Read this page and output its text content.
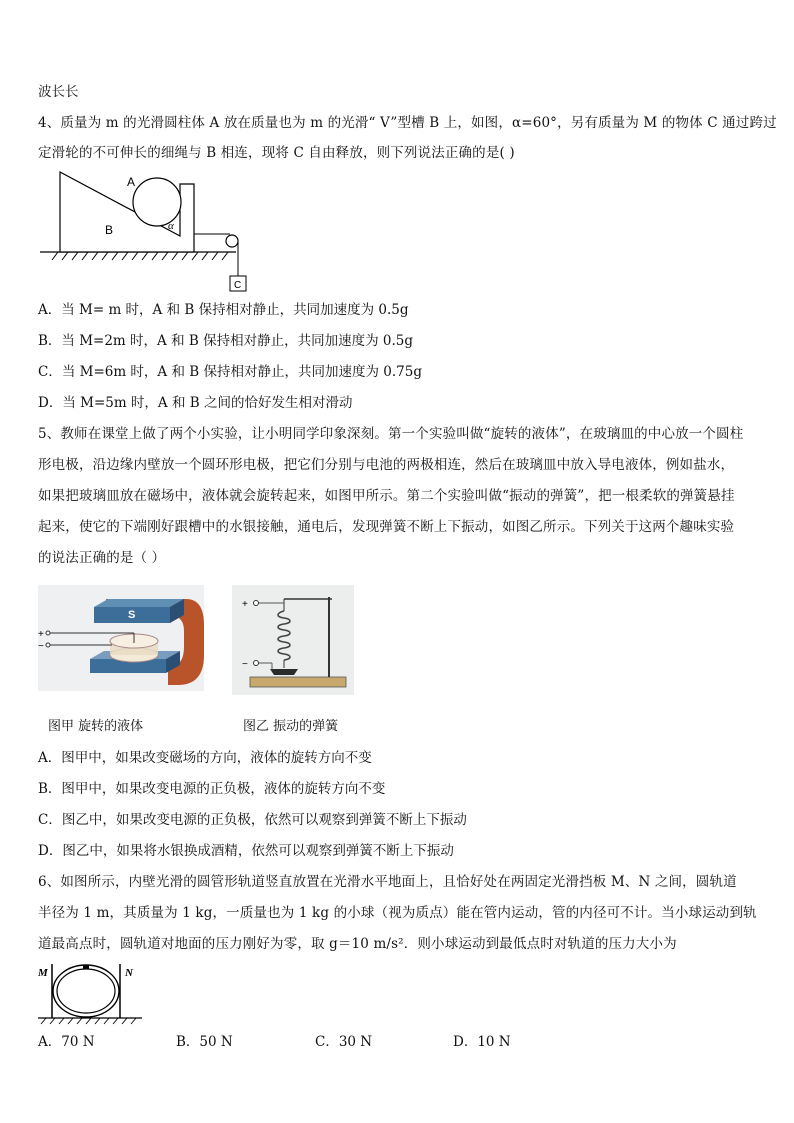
波长长
4、质量为 m 的光滑圆柱体 A 放在质量也为 m 的光滑“ V”型槽 B 上，如图，α=60°，另有质量为 M 的物体 C 通过跨过
定滑轮的不可伸长的细绳与 B 相连，现将 C 自由释放，则下列说法正确的是( )
A
B
C
α
A．当 M= m 时，A 和 B 保持相对静止，共同加速度为 0.5g
B．当 M=2m 时，A 和 B 保持相对静止，共同加速度为 0.5g
C．当 M=6m 时，A 和 B 保持相对静止，共同加速度为 0.75g
D．当 M=5m 时，A 和 B 之间的恰好发生相对滑动
5、教师在课堂上做了两个小实验，让小明同学印象深刻。第一个实验叫做“旋转的液体”，在玻璃皿的中心放一个圆柱
形电极，沿边缘内壁放一个圆环形电极，把它们分别与电池的两极相连，然后在玻璃皿中放入导电液体，例如盐水，
如果把玻璃皿放在磁场中，液体就会旋转起来，如图甲所示。第二个实验叫做“振动的弹簧”，把一根柔软的弹簧悬挂
起来，使它的下端刚好跟槽中的水银接触，通电后，发现弹簧不断上下振动，如图乙所示。下列关于这两个趣味实验
的说法正确的是（ ）
S
+
−
+
−
图甲 旋转的液体	图乙 振动的弹簧
A．图甲中，如果改变磁场的方向，液体的旋转方向不变
B．图甲中，如果改变电源的正负极，液体的旋转方向不变
C．图乙中，如果改变电源的正负极，依然可以观察到弹簧不断上下振动
D．图乙中，如果将水银换成酒精，依然可以观察到弹簧不断上下振动
6、如图所示，内壁光滑的圆管形轨道竖直放置在光滑水平地面上，且恰好处在两固定光滑挡板 M、N 之间，圆轨道
半径为 1 m，其质量为 1 kg，一质量也为 1 kg 的小球（视为质点）能在管内运动，管的内径可不计。当小球运动到轨
道最高点时，圆轨道对地面的压力刚好为零，取 g＝10 m/s²．则小球运动到最低点时对轨道的压力大小为
M	N
A．70 N	B．50 N	C．30 N	D．10 N
